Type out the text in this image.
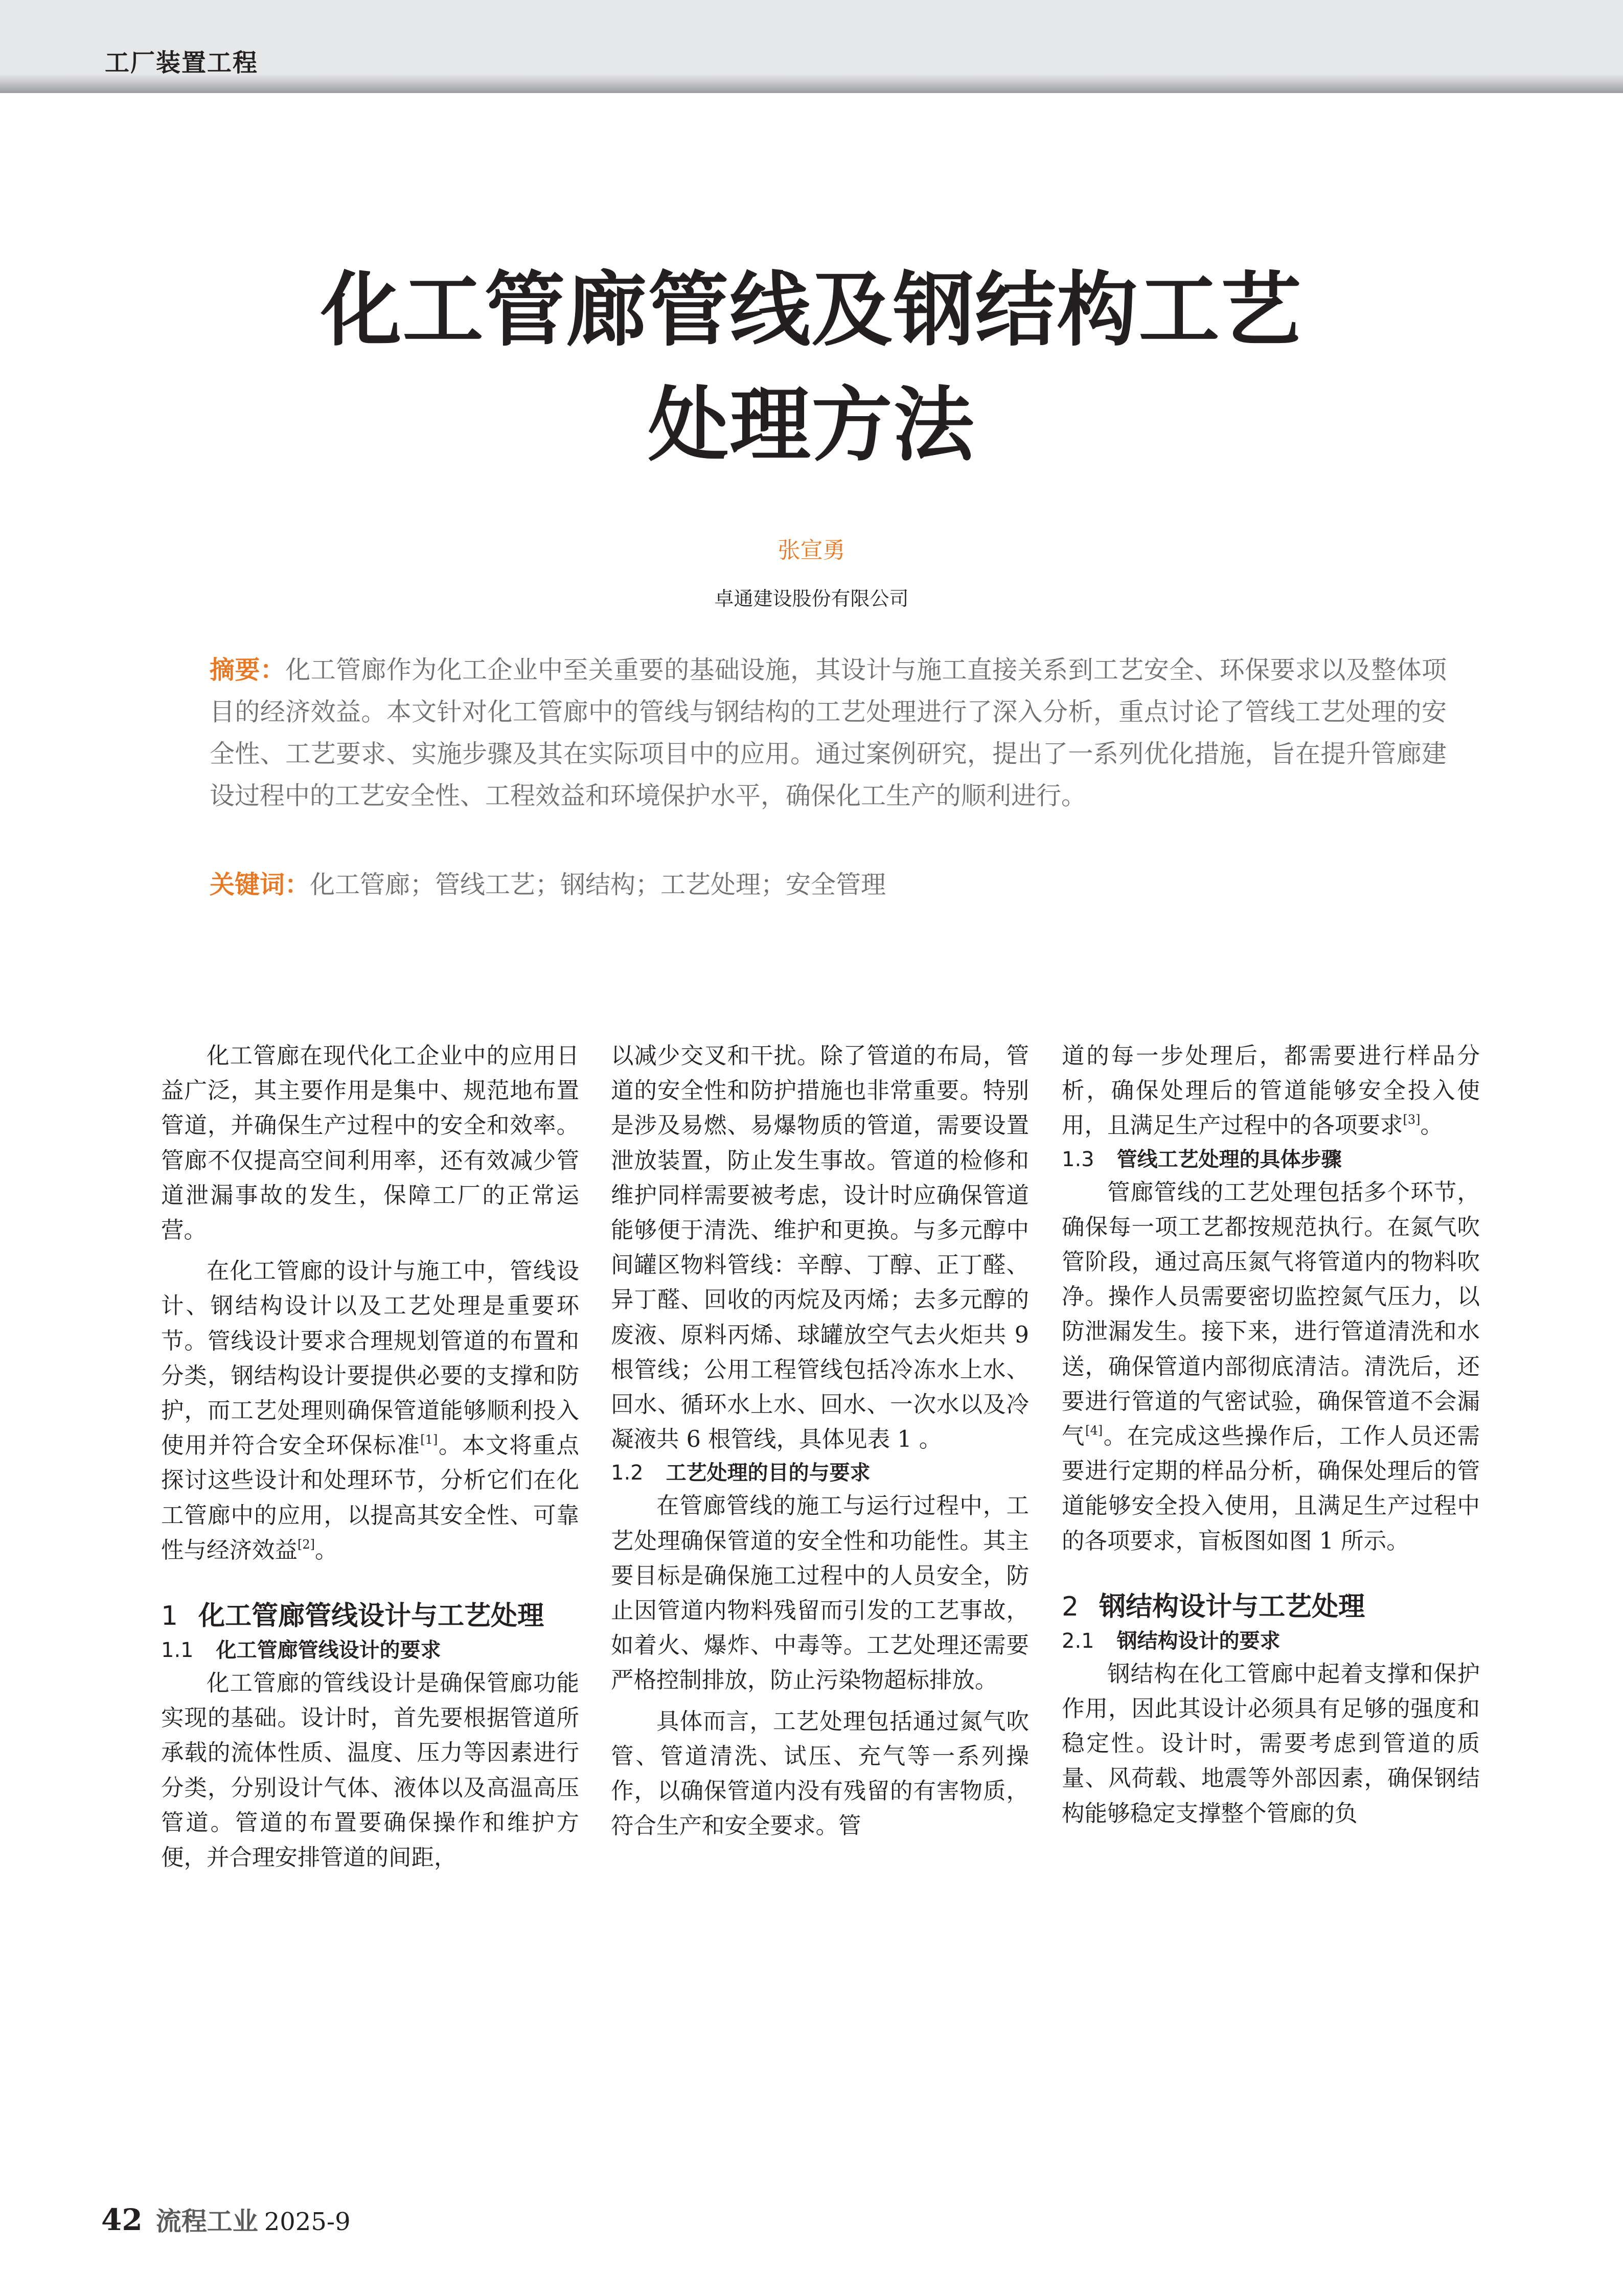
工厂装置工程
化工管廊管线及钢结构工艺
处理方法
张宣勇
卓通建设股份有限公司
摘要：化工管廊作为化工企业中至关重要的基础设施，其设计与施工直接关系到工艺安全、环保要求以及整体项目的经济效益。本文针对化工管廊中的管线与钢结构的工艺处理进行了深入分析，重点讨论了管线工艺处理的安全性、工艺要求、实施步骤及其在实际项目中的应用。通过案例研究，提出了一系列优化措施，旨在提升管廊建设过程中的工艺安全性、工程效益和环境保护水平，确保化工生产的顺利进行。
关键词：化工管廊；管线工艺；钢结构；工艺处理；安全管理

化工管廊在现代化工企业中的应用日益广泛，其主要作用是集中、规范地布置管道，并确保生产过程中的安全和效率。管廊不仅提高空间利用率，还有效减少管道泄漏事故的发生，保障工厂的正常运营。

在化工管廊的设计与施工中，管线设计、钢结构设计以及工艺处理是重要环节。管线设计要求合理规划管道的布置和分类，钢结构设计要提供必要的支撑和防护，而工艺处理则确保管道能够顺利投入使用并符合安全环保标准[1]。本文将重点探讨这些设计和处理环节，分析它们在化工管廊中的应用，以提高其安全性、可靠性与经济效益[2]。

1 化工管廊管线设计与工艺处理
1.1 化工管廊管线设计的要求

化工管廊的管线设计是确保管廊功能实现的基础。设计时，首先要根据管道所承载的流体性质、温度、压力等因素进行分类，分别设计气体、液体以及高温高压管道。管道的布置要确保操作和维护方便，并合理安排管道的间距，

以减少交叉和干扰。除了管道的布局，管道的安全性和防护措施也非常重要。特别是涉及易燃、易爆物质的管道，需要设置泄放装置，防止发生事故。管道的检修和维护同样需要被考虑，设计时应确保管道能够便于清洗、维护和更换。与多元醇中间罐区物料管线：辛醇、丁醇、正丁醛、异丁醛、回收的丙烷及丙烯；去多元醇的废液、原料丙烯、球罐放空气去火炬共 9 根管线；公用工程管线包括冷冻水上水、回水、循环水上水、回水、一次水以及冷凝液共 6 根管线，具体见表 1 。

1.2 工艺处理的目的与要求

在管廊管线的施工与运行过程中，工艺处理确保管道的安全性和功能性。其主要目标是确保施工过程中的人员安全，防止因管道内物料残留而引发的工艺事故，如着火、爆炸、中毒等。工艺处理还需要严格控制排放，防止污染物超标排放。

具体而言，工艺处理包括通过氮气吹管、管道清洗、试压、充气等一系列操作，以确保管道内没有残留的有害物质，符合生产和安全要求。管

道的每一步处理后，都需要进行样品分析，确保处理后的管道能够安全投入使用，且满足生产过程中的各项要求[3]。

1.3 管线工艺处理的具体步骤

管廊管线的工艺处理包括多个环节，确保每一项工艺都按规范执行。在氮气吹管阶段，通过高压氮气将管道内的物料吹净。操作人员需要密切监控氮气压力，以防泄漏发生。接下来，进行管道清洗和水送，确保管道内部彻底清洁。清洗后，还要进行管道的气密试验，确保管道不会漏气[4]。在完成这些操作后，工作人员还需要进行定期的样品分析，确保处理后的管道能够安全投入使用，且满足生产过程中的各项要求，盲板图如图 1 所示。

2 钢结构设计与工艺处理
2.1 钢结构设计的要求

钢结构在化工管廊中起着支撑和保护作用，因此其设计必须具有足够的强度和稳定性。设计时，需要考虑到管道的质量、风荷载、地震等外部因素，确保钢结构能够稳定支撑整个管廊的负

42 流程工业 2025-9
